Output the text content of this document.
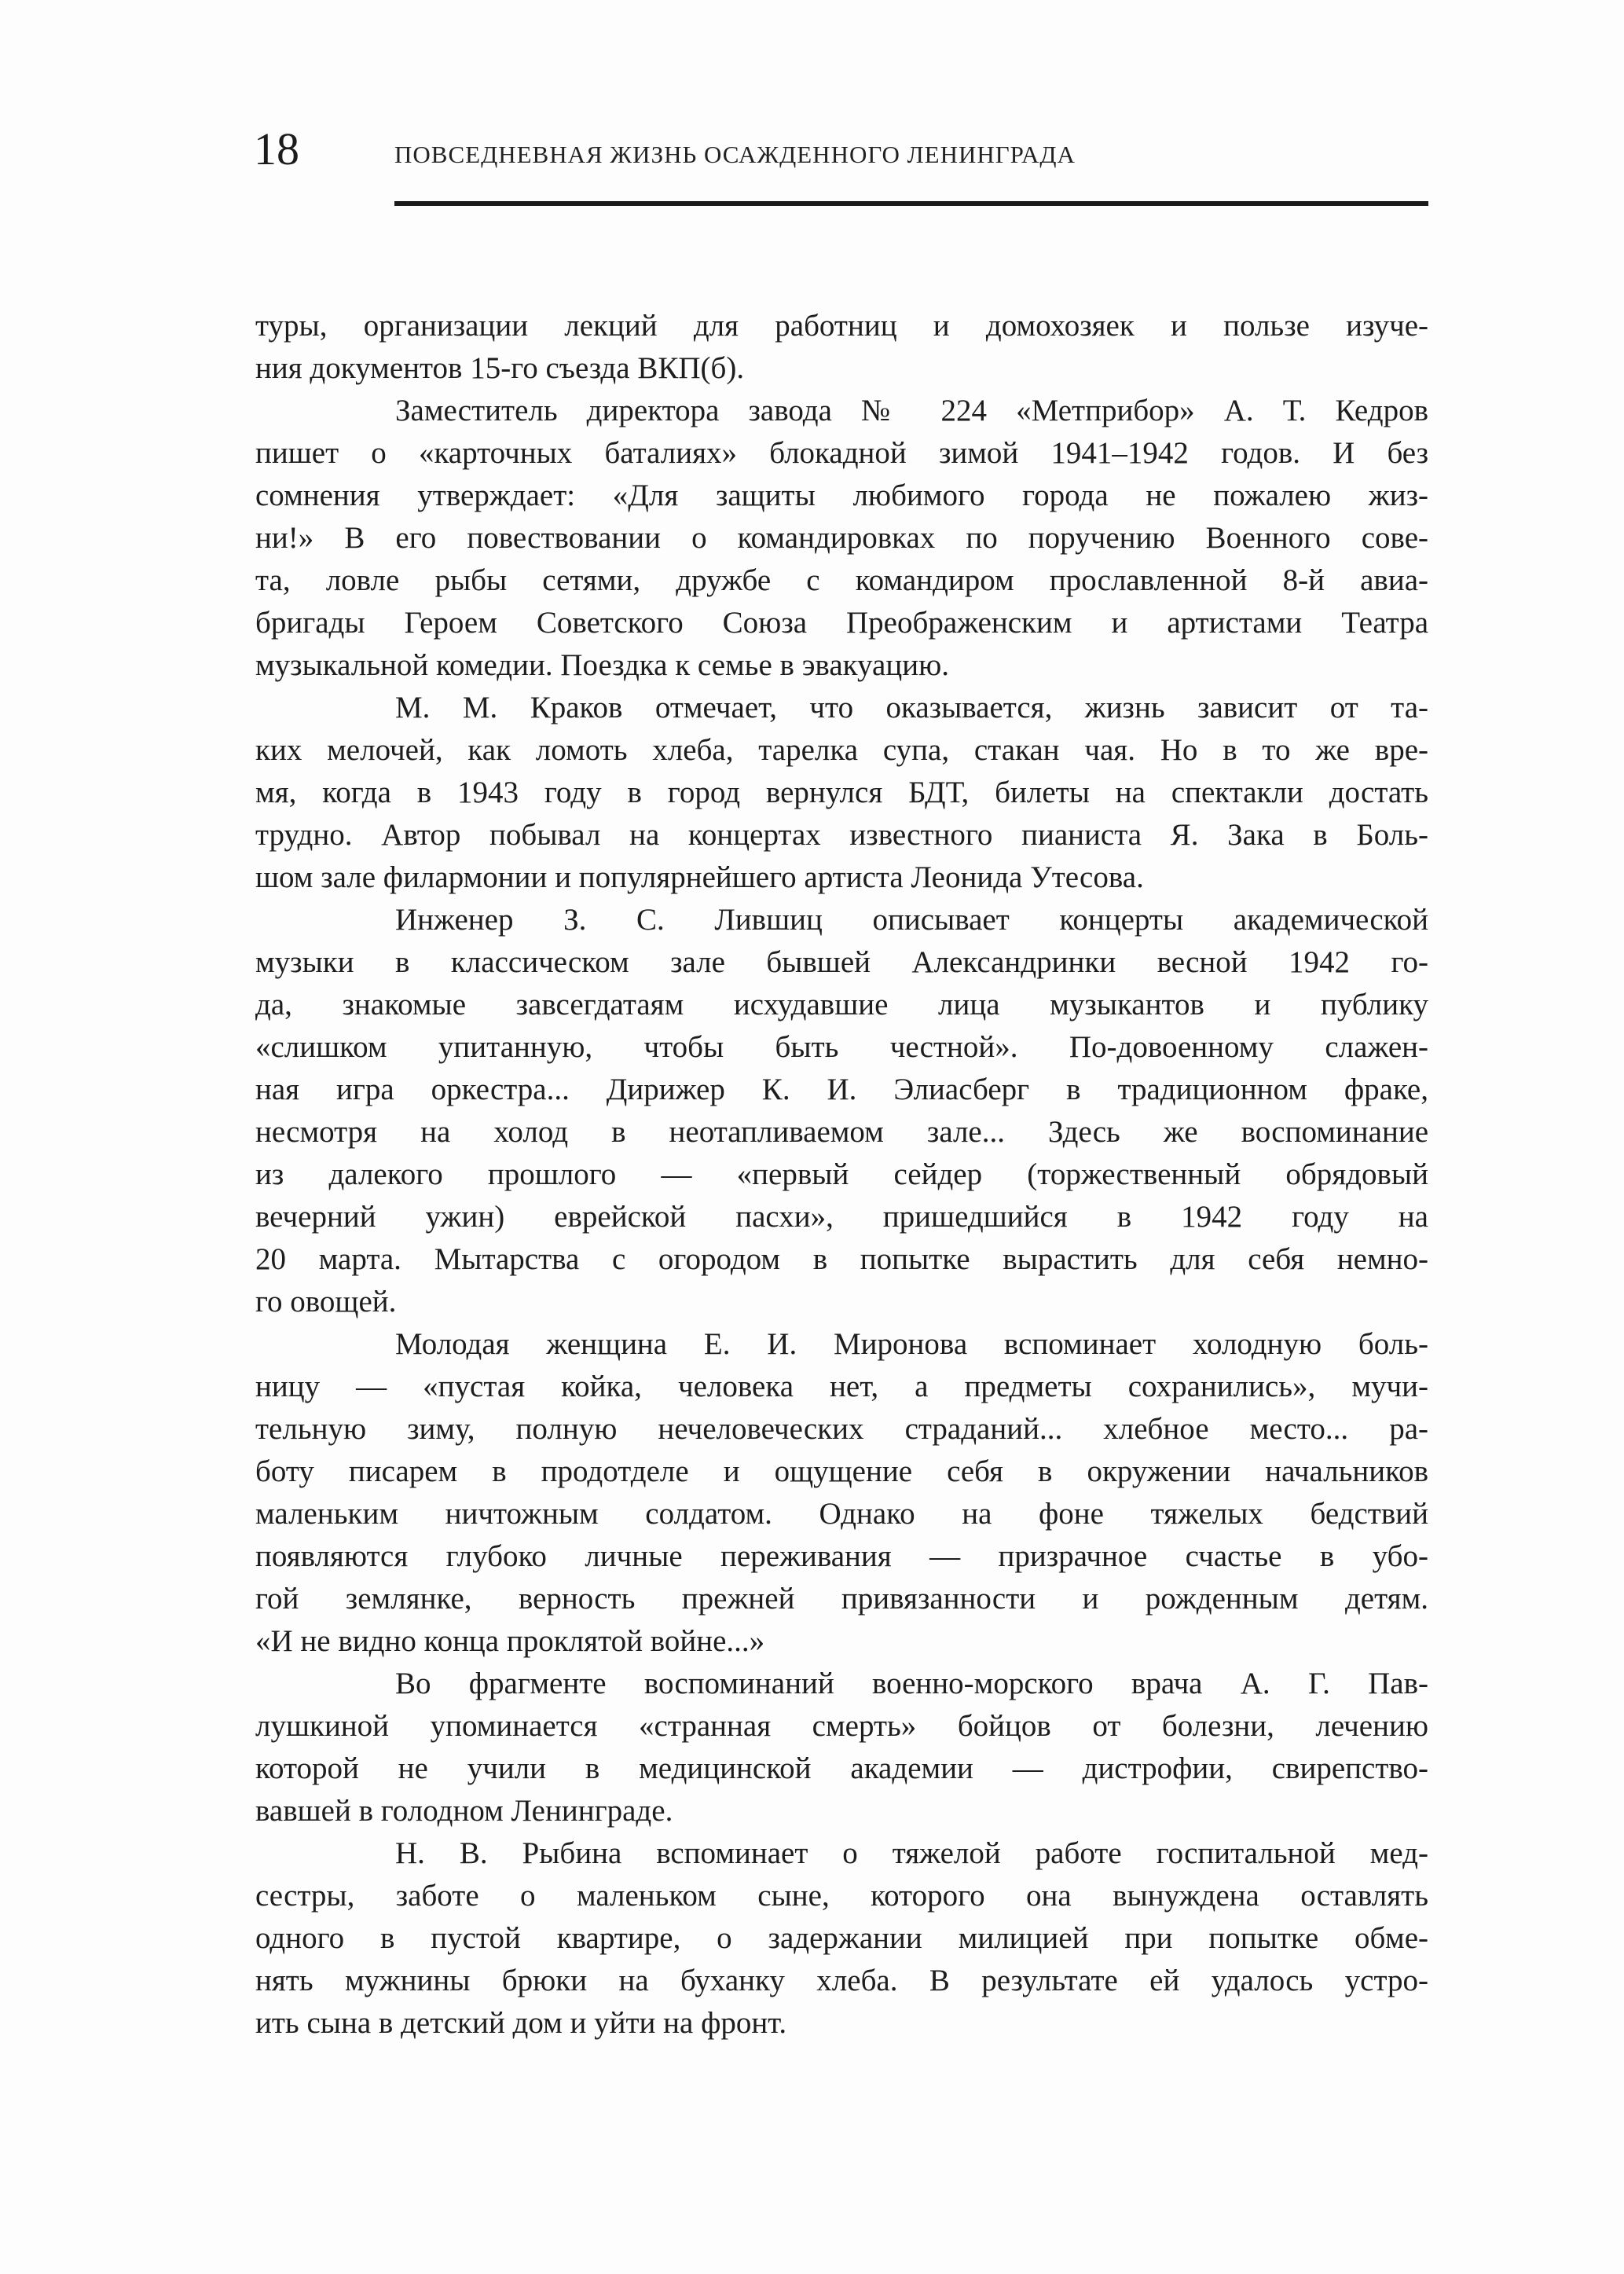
18	ПОВСЕДНЕВНАЯ ЖИЗНЬ ОСАЖДЕННОГО ЛЕНИНГРАДА
туры, организации лекций для работниц и домохозяек и пользе изуче-
ния документов 15-го съезда ВКП(б).
Заместитель директора завода № 224 «Метприбор» А. Т. Кедров
пишет о «карточных баталиях» блокадной зимой 1941–1942 годов. И без
сомнения утверждает: «Для защиты любимого города не пожалею жиз-
ни!» В его повествовании о командировках по поручению Военного сове-
та, ловле рыбы сетями, дружбе с командиром прославленной 8-й авиа-
бригады Героем Советского Союза Преображенским и артистами Театра
музыкальной комедии. Поездка к семье в эвакуацию.
М. М. Краков отмечает, что оказывается, жизнь зависит от та-
ких мелочей, как ломоть хлеба, тарелка супа, стакан чая. Но в то же вре-
мя, когда в 1943 году в город вернулся БДТ, билеты на спектакли достать
трудно. Автор побывал на концертах известного пианиста Я. Зака в Боль-
шом зале филармонии и популярнейшего артиста Леонида Утесова.
Инженер З. С. Лившиц описывает концерты академической
музыки в классическом зале бывшей Александринки весной 1942 го-
да, знакомые завсегдатаям исхудавшие лица музыкантов и публику
«слишком упитанную, чтобы быть честной». По-довоенному слажен-
ная игра оркестра... Дирижер К. И. Элиасберг в традиционном фраке,
несмотря на холод в неотапливаемом зале... Здесь же воспоминание
из далекого прошлого — «первый сейдер (торжественный обрядовый
вечерний ужин) еврейской пасхи», пришедшийся в 1942 году на
20 марта. Мытарства с огородом в попытке вырастить для себя немно-
го овощей.
Молодая женщина Е. И. Миронова вспоминает холодную боль-
ницу — «пустая койка, человека нет, а предметы сохранились», мучи-
тельную зиму, полную нечеловеческих страданий... хлебное место... ра-
боту писарем в продотделе и ощущение себя в окружении начальников
маленьким ничтожным солдатом. Однако на фоне тяжелых бедствий
появляются глубоко личные переживания — призрачное счастье в убо-
гой землянке, верность прежней привязанности и рожденным детям.
«И не видно конца проклятой войне...»
Во фрагменте воспоминаний военно-морского врача А. Г. Пав-
лушкиной упоминается «странная смерть» бойцов от болезни, лечению
которой не учили в медицинской академии — дистрофии, свирепство-
вавшей в голодном Ленинграде.
Н. В. Рыбина вспоминает о тяжелой работе госпитальной мед-
сестры, заботе о маленьком сыне, которого она вынуждена оставлять
одного в пустой квартире, о задержании милицией при попытке обме-
нять мужнины брюки на буханку хлеба. В результате ей удалось устро-
ить сына в детский дом и уйти на фронт.
